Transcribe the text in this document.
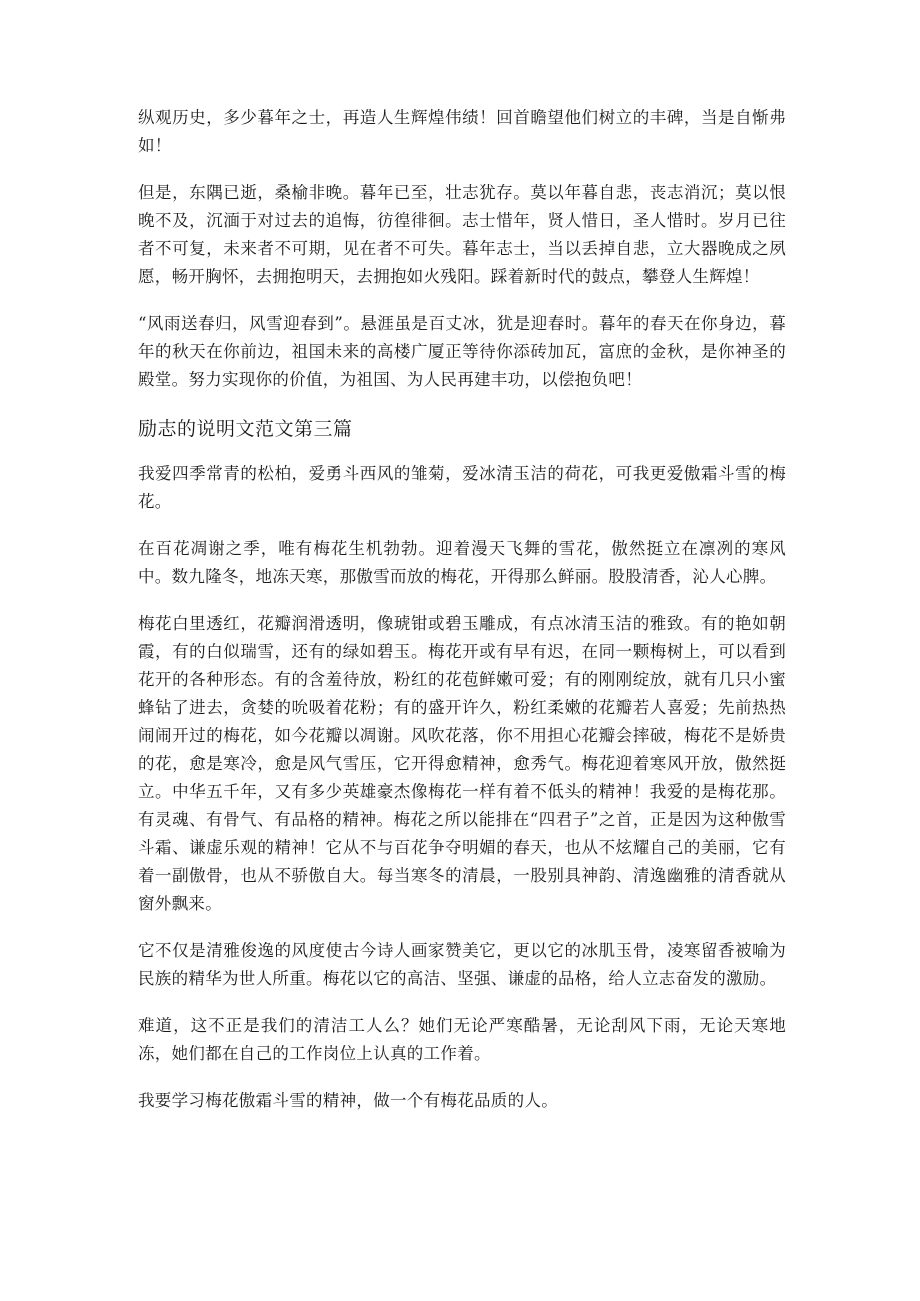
纵观历史，多少暮年之士，再造人生辉煌伟绩！回首瞻望他们树立的丰碑，当是自惭弗如！

但是，东隅已逝，桑榆非晚。暮年已至，壮志犹存。莫以年暮自悲，丧志消沉；莫以恨晚不及，沉湎于对过去的追悔，彷徨徘徊。志士惜年，贤人惜日，圣人惜时。岁月已往者不可复，未来者不可期，见在者不可失。暮年志士，当以丢掉自悲，立大器晚成之夙愿，畅开胸怀，去拥抱明天，去拥抱如火残阳。踩着新时代的鼓点，攀登人生辉煌！

“风雨送春归，风雪迎春到”。悬涯虽是百丈冰，犹是迎春时。暮年的春天在你身边，暮年的秋天在你前边，祖国未来的高楼广厦正等待你添砖加瓦，富庶的金秋，是你神圣的殿堂。努力实现你的价值，为祖国、为人民再建丰功，以偿抱负吧！

励志的说明文范文第三篇

我爱四季常青的松柏，爱勇斗西风的雏菊，爱冰清玉洁的荷花，可我更爱傲霜斗雪的梅花。

在百花凋谢之季，唯有梅花生机勃勃。迎着漫天飞舞的雪花，傲然挺立在凛冽的寒风中。数九隆冬，地冻天寒，那傲雪而放的梅花，开得那么鲜丽。股股清香，沁人心脾。

梅花白里透红，花瓣润滑透明，像琥钳或碧玉雕成，有点冰清玉洁的雅致。有的艳如朝霞，有的白似瑞雪，还有的绿如碧玉。梅花开或有早有迟，在同一颗梅树上，可以看到花开的各种形态。有的含羞待放，粉红的花苞鲜嫩可爱；有的刚刚绽放，就有几只小蜜蜂钻了进去，贪婪的吮吸着花粉；有的盛开许久，粉红柔嫩的花瓣若人喜爱；先前热热闹闹开过的梅花，如今花瓣以凋谢。风吹花落，你不用担心花瓣会摔破，梅花不是娇贵的花，愈是寒冷，愈是风气雪压，它开得愈精神，愈秀气。梅花迎着寒风开放，傲然挺立。中华五千年，又有多少英雄豪杰像梅花一样有着不低头的精神！我爱的是梅花那。有灵魂、有骨气、有品格的精神。梅花之所以能排在“四君子”之首，正是因为这种傲雪斗霜、谦虚乐观的精神！它从不与百花争夺明媚的春天，也从不炫耀自己的美丽，它有着一副傲骨，也从不骄傲自大。每当寒冬的清晨，一股别具神韵、清逸幽雅的清香就从窗外飘来。

它不仅是清雅俊逸的风度使古今诗人画家赞美它，更以它的冰肌玉骨，凌寒留香被喻为民族的精华为世人所重。梅花以它的高洁、坚强、谦虚的品格，给人立志奋发的激励。

难道，这不正是我们的清洁工人么？她们无论严寒酷暑，无论刮风下雨，无论天寒地冻，她们都在自己的工作岗位上认真的工作着。

我要学习梅花傲霜斗雪的精神，做一个有梅花品质的人。
